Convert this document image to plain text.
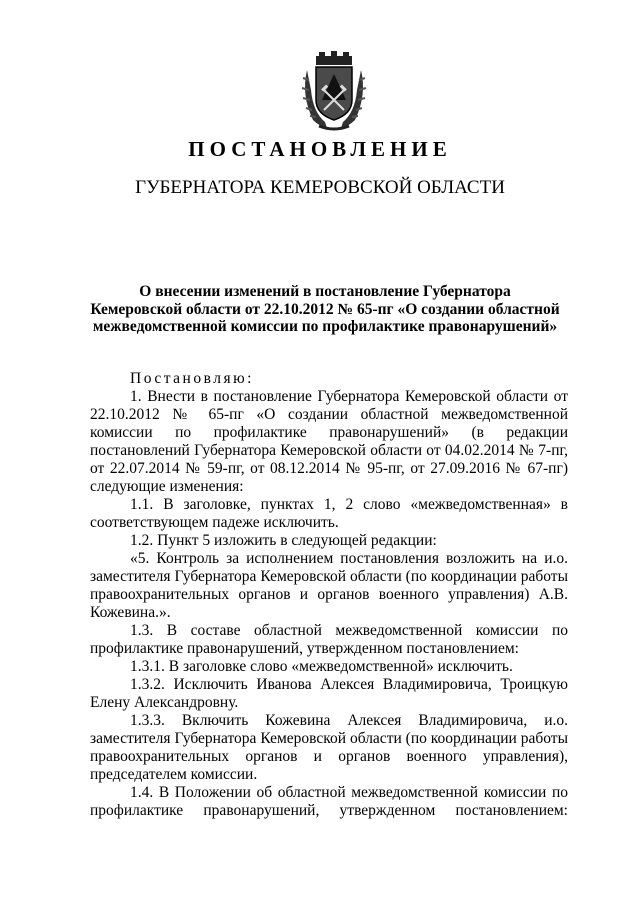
ПОСТАНОВЛЕНИЕ
ГУБЕРНАТОРА КЕМЕРОВСКОЙ ОБЛАСТИ
О внесении изменений в постановление Губернатора
Кемеровской области от 22.10.2012 № 65-пг «О создании областной
межведомственной комиссии по профилактике правонарушений»

Постановляю:

1. Внести в постановление Губернатора Кемеровской области от 22.10.2012 № 65-пг «О создании областной межведомственной комиссии по профилактике правонарушений» (в редакции постановлений Губернатора Кемеровской области от 04.02.2014 № 7-пг, от 22.07.2014 № 59-пг, от 08.12.2014 № 95-пг, от 27.09.2016 № 67-пг) следующие изменения:

1.1. В заголовке, пунктах 1, 2 слово «межведомственная» в соответствующем падеже исключить.

1.2. Пункт 5 изложить в следующей редакции:

«5. Контроль за исполнением постановления возложить на и.о. заместителя Губернатора Кемеровской области (по координации работы правоохранительных органов и органов военного управления) А.В. Кожевина.».

1.3. В составе областной межведомственной комиссии по профилактике правонарушений, утвержденном постановлением:

1.3.1. В заголовке слово «межведомственной» исключить.

1.3.2. Исключить Иванова Алексея Владимировича, Троицкую Елену Александровну.

1.3.3. Включить Кожевина Алексея Владимировича, и.о. заместителя Губернатора Кемеровской области (по координации работы правоохранительных органов и органов военного управления), председателем комиссии.

1.4. В Положении об областной межведомственной комиссии по профилактике правонарушений, утвержденном постановлением:
